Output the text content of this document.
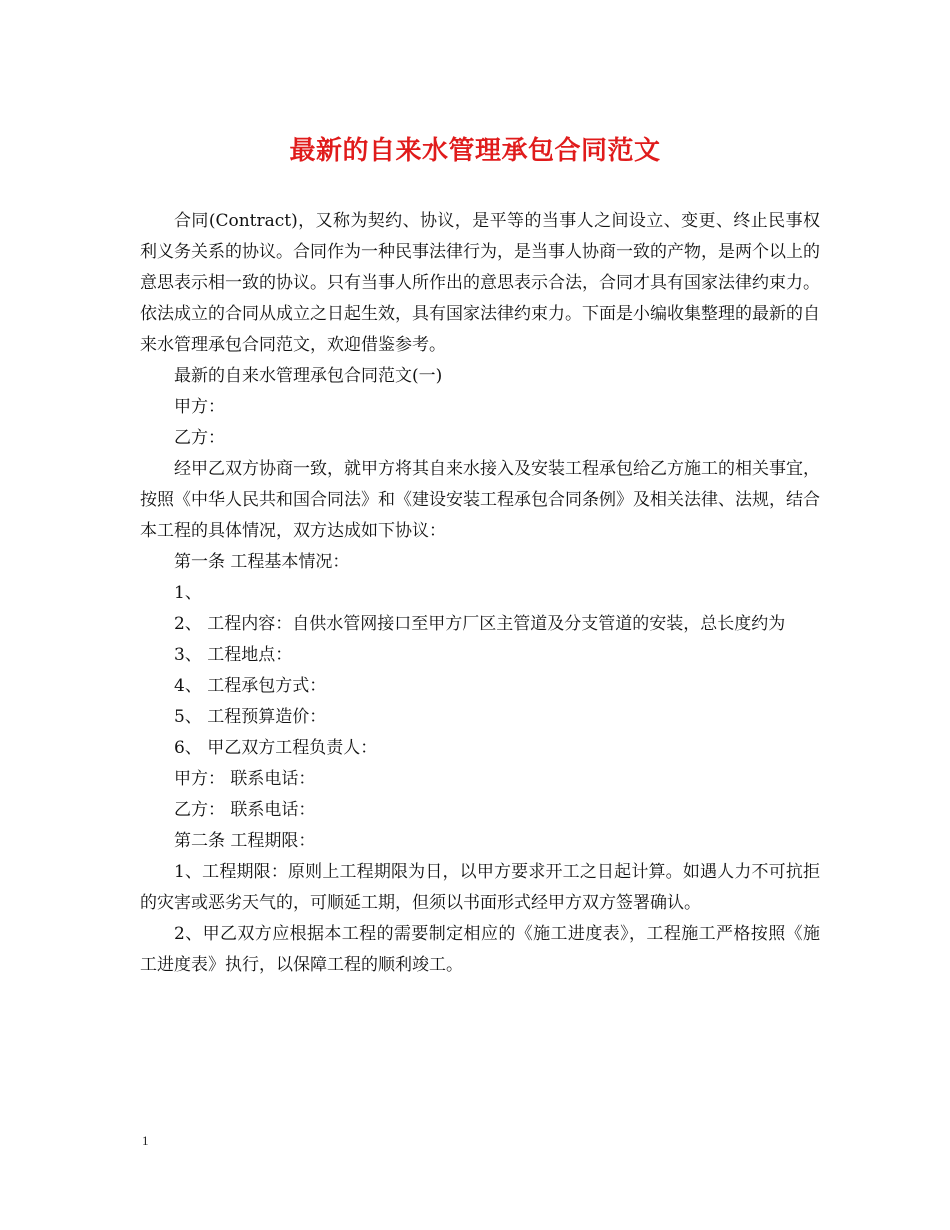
最新的自来水管理承包合同范文

合同(Contract)，又称为契约、协议，是平等的当事人之间设立、变更、终止民事权利义务关系的协议。合同作为一种民事法律行为，是当事人协商一致的产物，是两个以上的意思表示相一致的协议。只有当事人所作出的意思表示合法，合同才具有国家法律约束力。依法成立的合同从成立之日起生效，具有国家法律约束力。下面是小编收集整理的最新的自来水管理承包合同范文，欢迎借鉴参考。

最新的自来水管理承包合同范文(一)

甲方：

乙方：

经甲乙双方协商一致，就甲方将其自来水接入及安装工程承包给乙方施工的相关事宜，按照《中华人民共和国合同法》和《建设安装工程承包合同条例》及相关法律、法规，结合本工程的具体情况，双方达成如下协议：

第一条 工程基本情况：

1、

2、 工程内容：自供水管网接口至甲方厂区主管道及分支管道的安装，总长度约为

3、 工程地点：

4、 工程承包方式：

5、 工程预算造价：

6、 甲乙双方工程负责人：

甲方： 联系电话：

乙方： 联系电话：

第二条 工程期限：

1、工程期限：原则上工程期限为日，以甲方要求开工之日起计算。如遇人力不可抗拒的灾害或恶劣天气的，可顺延工期，但须以书面形式经甲方双方签署确认。

2、甲乙双方应根据本工程的需要制定相应的《施工进度表》，工程施工严格按照《施工进度表》执行，以保障工程的顺利竣工。

1
